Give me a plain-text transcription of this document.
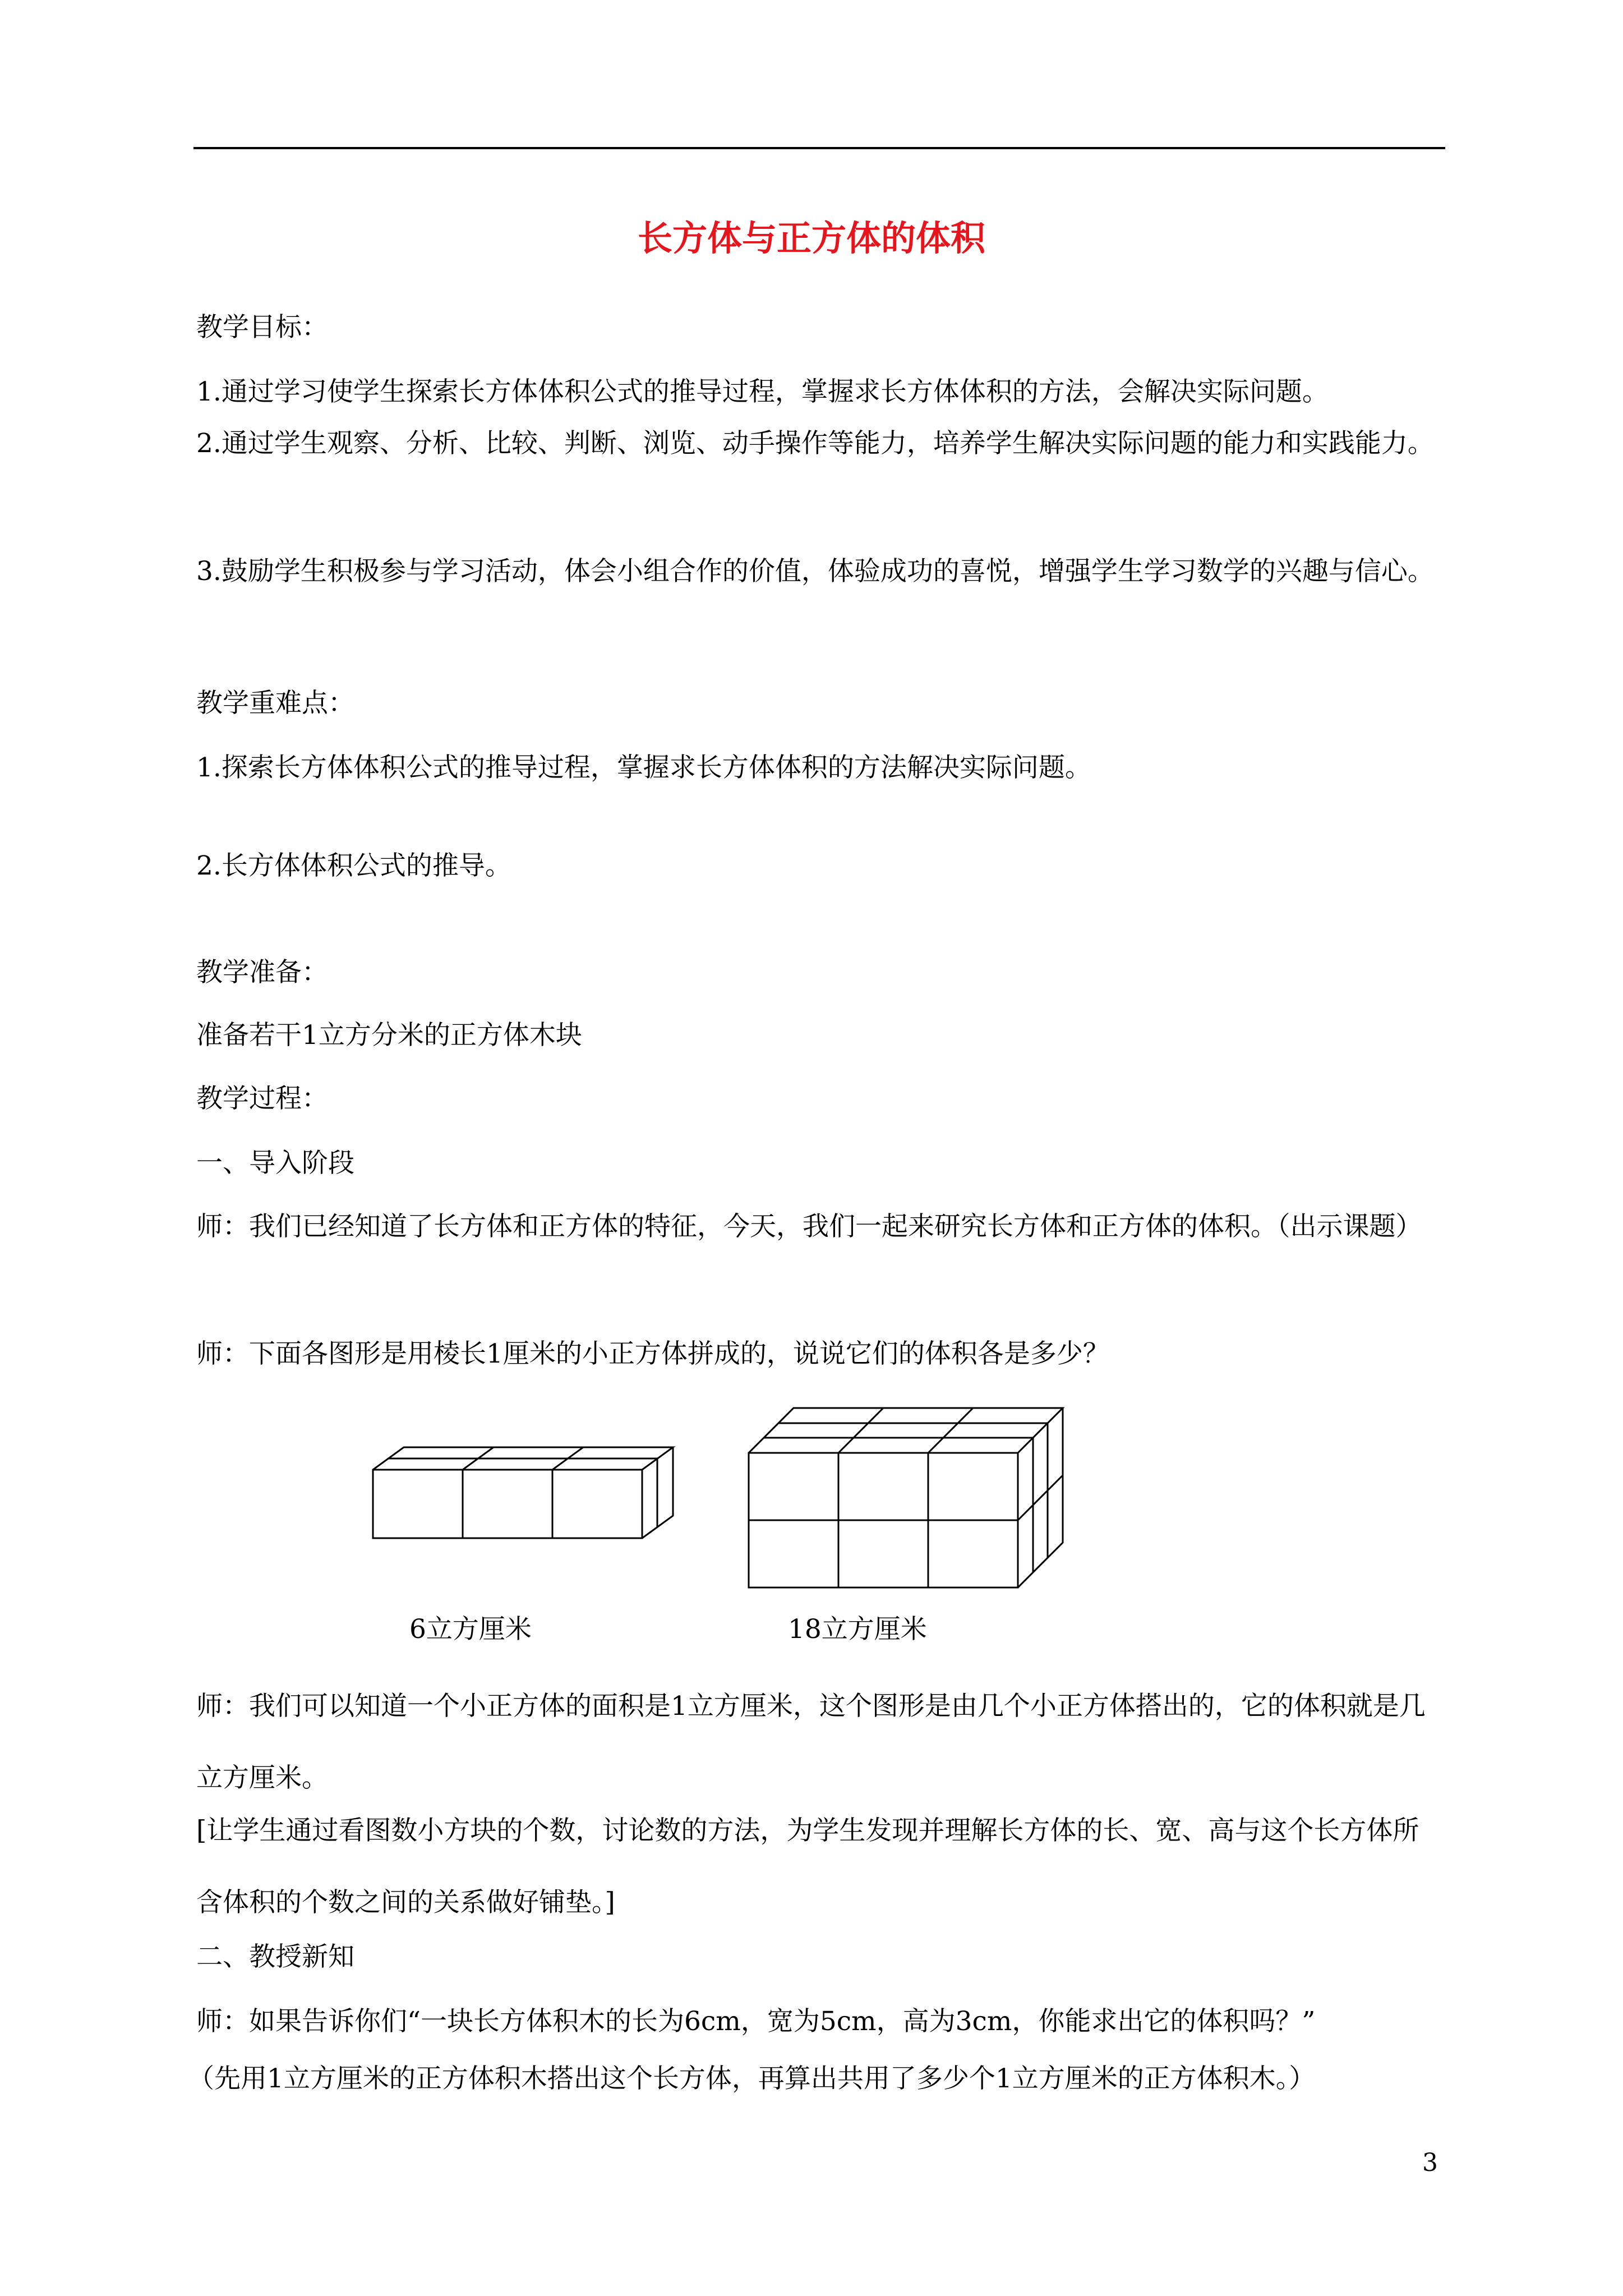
长方体与正方体的体积

教学目标：

1.通过学习使学生探索长方体体积公式的推导过程，掌握求长方体体积的方法，会解决实际问题。

2.通过学生观察、分析、比较、判断、浏览、动手操作等能力，培养学生解决实际问题的能力和实践能力。

3.鼓励学生积极参与学习活动，体会小组合作的价值，体验成功的喜悦，增强学生学习数学的兴趣与信心。

教学重难点：

1.探索长方体体积公式的推导过程，掌握求长方体体积的方法解决实际问题。

2.长方体体积公式的推导。

教学准备：

准备若干1立方分米的正方体木块

教学过程：

一、导入阶段

师：我们已经知道了长方体和正方体的特征，今天，我们一起来研究长方体和正方体的体积。（出示课题）

师：下面各图形是用棱长1厘米的小正方体拼成的，说说它们的体积各是多少？

6立方厘米	18立方厘米

师：我们可以知道一个小正方体的面积是1立方厘米，这个图形是由几个小正方体搭出的，它的体积就是几立方厘米。

[让学生通过看图数小方块的个数，讨论数的方法，为学生发现并理解长方体的长、宽、高与这个长方体所含体积的个数之间的关系做好铺垫。]

二、教授新知

师：如果告诉你们“一块长方体积木的长为6cm，宽为5cm，高为3cm，你能求出它的体积吗？”

（先用1立方厘米的正方体积木搭出这个长方体，再算出共用了多少个1立方厘米的正方体积木。）

3
